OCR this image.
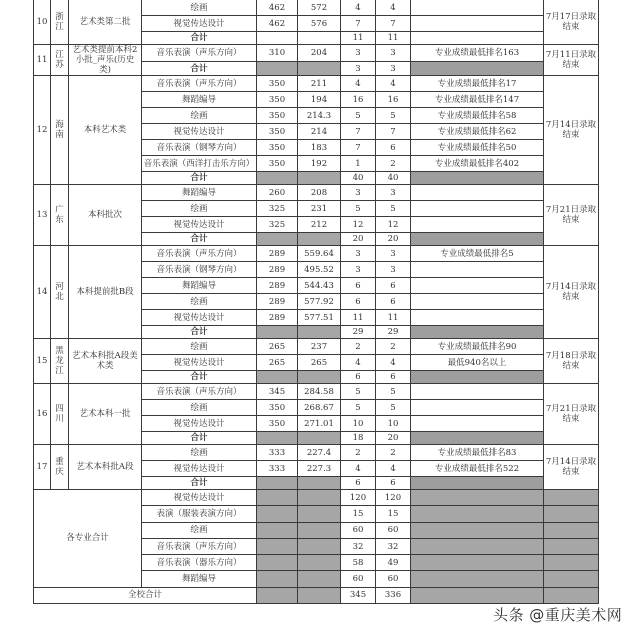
10	浙江	艺术类第二批	绘画	462	572	4	4		7月17日录取结束
			视觉传达设计	462	576	7	7		
			合计			11	11		
11	江苏	艺术类提前本科2小批_声乐(历史类)	音乐表演（声乐方向）	310	204	3	3	专业成绩最低排名163	7月11日录取结束
			合计			3	3		
12	海南	本科艺术类	音乐表演（声乐方向）	350	211	4	4	专业成绩最低排名17	7月14日录取结束
			舞蹈编导	350	194	16	16	专业成绩最低排名147	
			绘画	350	214.3	5	5	专业成绩最低排名58	
			视觉传达设计	350	214	7	7	专业成绩最低排名62	
			音乐表演（钢琴方向）	350	183	7	6	专业成绩最低排名50	
			音乐表演（西洋打击乐方向）	350	192	1	2	专业成绩最低排名402	
			合计			40	40		
13	广东	本科批次	舞蹈编导	260	208	3	3		7月21日录取结束
			绘画	325	231	5	5		
			视觉传达设计	325	212	12	12		
			合计			20	20		
14	河北	本科提前批B段	音乐表演（声乐方向）	289	559.64	3	3	专业成绩最低排名5	7月14日录取结束
			音乐表演（钢琴方向）	289	495.52	3	3		
			舞蹈编导	289	544.43	6	6		
			绘画	289	577.92	6	6		
			视觉传达设计	289	577.51	11	11		
			合计			29	29		
15	黑龙江	艺术本科批A段美术类	绘画	265	237	2	2	专业成绩最低排名90	7月18日录取结束
			视觉传达设计	265	265	4	4	最低940名以上	
			合计			6	6		
16	四川	艺术本科一批	音乐表演（声乐方向）	345	284.58	5	5		7月21日录取结束
			绘画	350	268.67	5	5		
			视觉传达设计	350	271.01	10	10		
			合计			18	20		
17	重庆	艺术本科批A段	绘画	333	227.4	2	2	专业成绩最低排名83	7月14日录取结束
			视觉传达设计	333	227.3	4	4	专业成绩最低排名522	
			合计			6	6		
各专业合计			视觉传达设计			120	120		
			表演（服装表演方向）			15	15		
			绘画			60	60		
			音乐表演（声乐方向）			32	32		
			音乐表演（器乐方向）			58	49		
			舞蹈编导			60	60		
全校合计						345	336		
头条 @重庆美术网
